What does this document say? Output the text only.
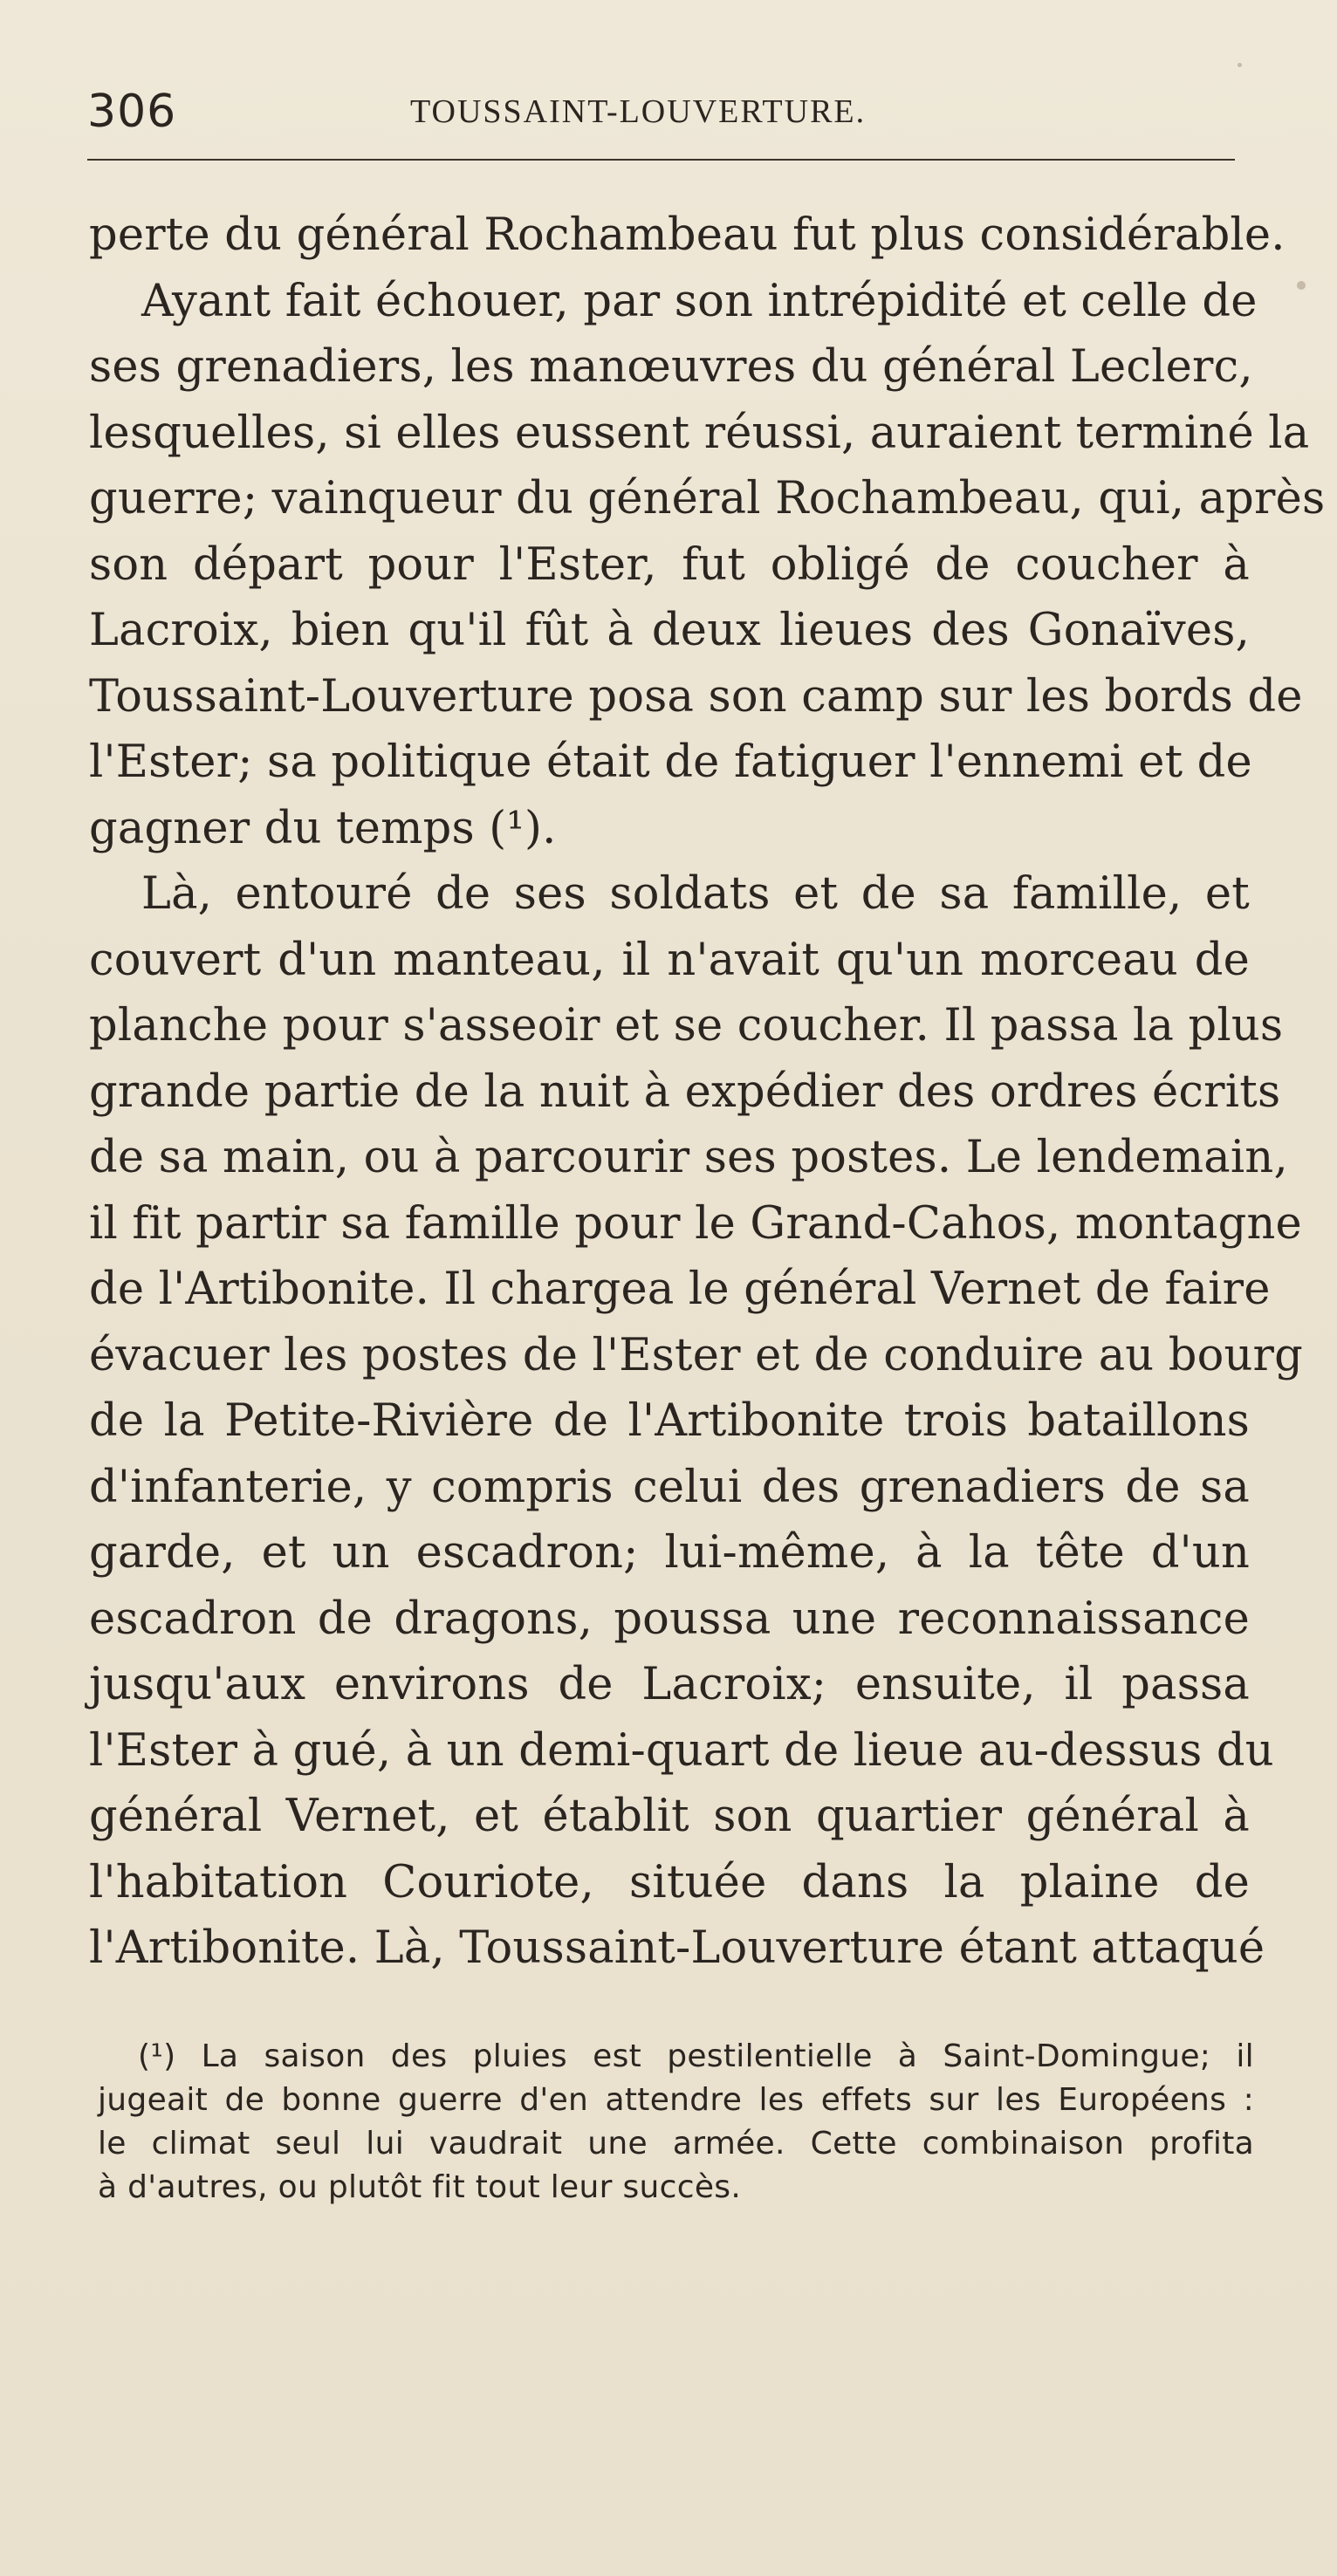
306	TOUSSAINT-LOUVERTURE.
perte du général Rochambeau fut plus considérable.
Ayant fait échouer, par son intrépidité et celle de
ses grenadiers, les manœuvres du général Leclerc,
lesquelles, si elles eussent réussi, auraient terminé la
guerre; vainqueur du général Rochambeau, qui, après
son départ pour l'Ester, fut obligé de coucher à
Lacroix, bien qu'il fût à deux lieues des Gonaïves,
Toussaint-Louverture posa son camp sur les bords de
l'Ester; sa politique était de fatiguer l'ennemi et de
gagner du temps (¹).
Là, entouré de ses soldats et de sa famille, et
couvert d'un manteau, il n'avait qu'un morceau de
planche pour s'asseoir et se coucher. Il passa la plus
grande partie de la nuit à expédier des ordres écrits
de sa main, ou à parcourir ses postes. Le lendemain,
il fit partir sa famille pour le Grand-Cahos, montagne
de l'Artibonite. Il chargea le général Vernet de faire
évacuer les postes de l'Ester et de conduire au bourg
de la Petite-Rivière de l'Artibonite trois bataillons
d'infanterie, y compris celui des grenadiers de sa
garde, et un escadron; lui-même, à la tête d'un
escadron de dragons, poussa une reconnaissance
jusqu'aux environs de Lacroix; ensuite, il passa
l'Ester à gué, à un demi-quart de lieue au-dessus du
général Vernet, et établit son quartier général à
l'habitation Couriote, située dans la plaine de
l'Artibonite. Là, Toussaint-Louverture étant attaqué
(¹) La saison des pluies est pestilentielle à Saint-Domingue; il
jugeait de bonne guerre d'en attendre les effets sur les Européens :
le climat seul lui vaudrait une armée. Cette combinaison profita
à d'autres, ou plutôt fit tout leur succès.
